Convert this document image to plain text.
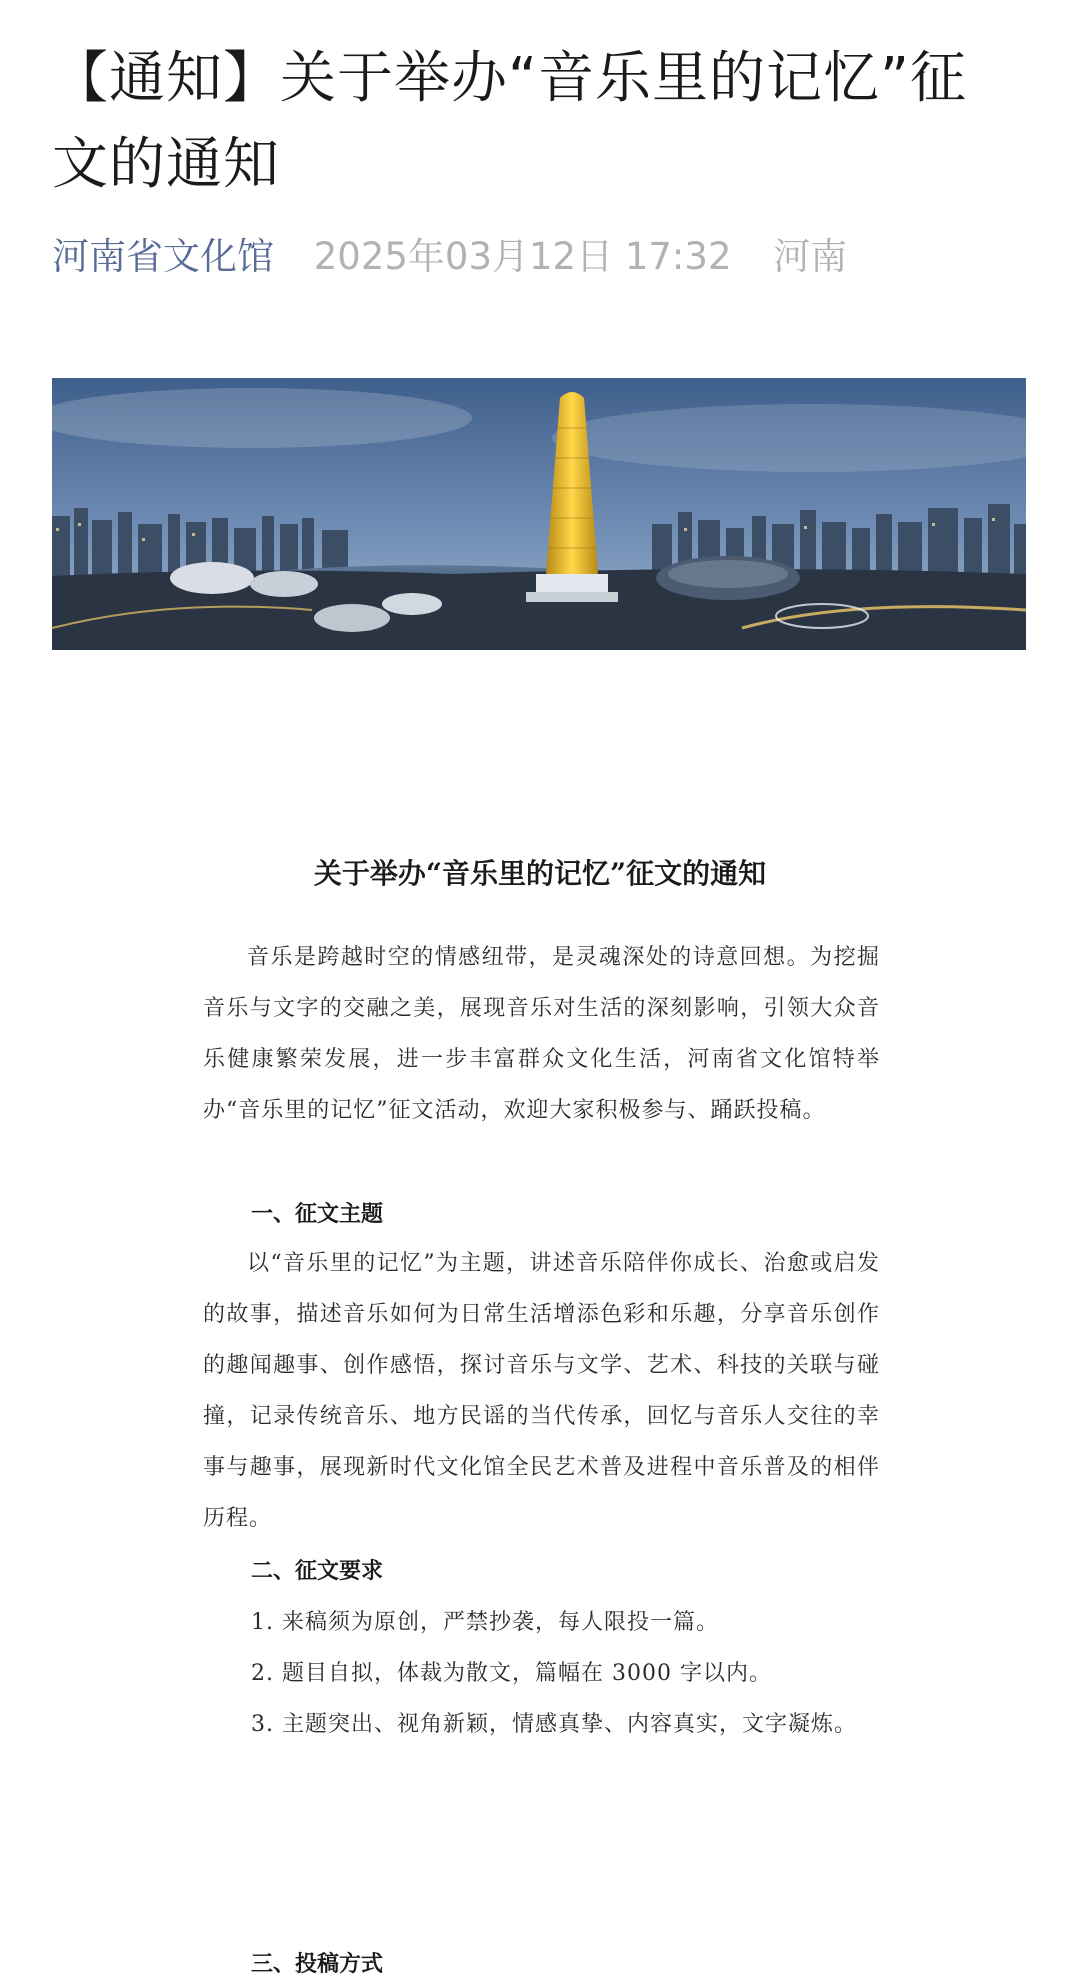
【通知】关于举办“音乐里的记忆”征文的通知
河南省文化馆 2025年03月12日 17:32 河南
关于举办“音乐里的记忆”征文的通知
音乐是跨越时空的情感纽带，是灵魂深处的诗意回想。为挖掘音乐与文字的交融之美，展现音乐对生活的深刻影响，引领大众音乐健康繁荣发展，进一步丰富群众文化生活，河南省文化馆特举办“音乐里的记忆”征文活动，欢迎大家积极参与、踊跃投稿。
一、征文主题
以“音乐里的记忆”为主题，讲述音乐陪伴你成长、治愈或启发的故事，描述音乐如何为日常生活增添色彩和乐趣，分享音乐创作的趣闻趣事、创作感悟，探讨音乐与文学、艺术、科技的关联与碰撞，记录传统音乐、地方民谣的当代传承，回忆与音乐人交往的幸事与趣事，展现新时代文化馆全民艺术普及进程中音乐普及的相伴历程。
二、征文要求
1. 来稿须为原创，严禁抄袭，每人限投一篇。
2. 题目自拟，体裁为散文，篇幅在 3000 字以内。
3. 主题突出、视角新颖，情感真挚、内容真实，文字凝炼。
三、投稿方式
